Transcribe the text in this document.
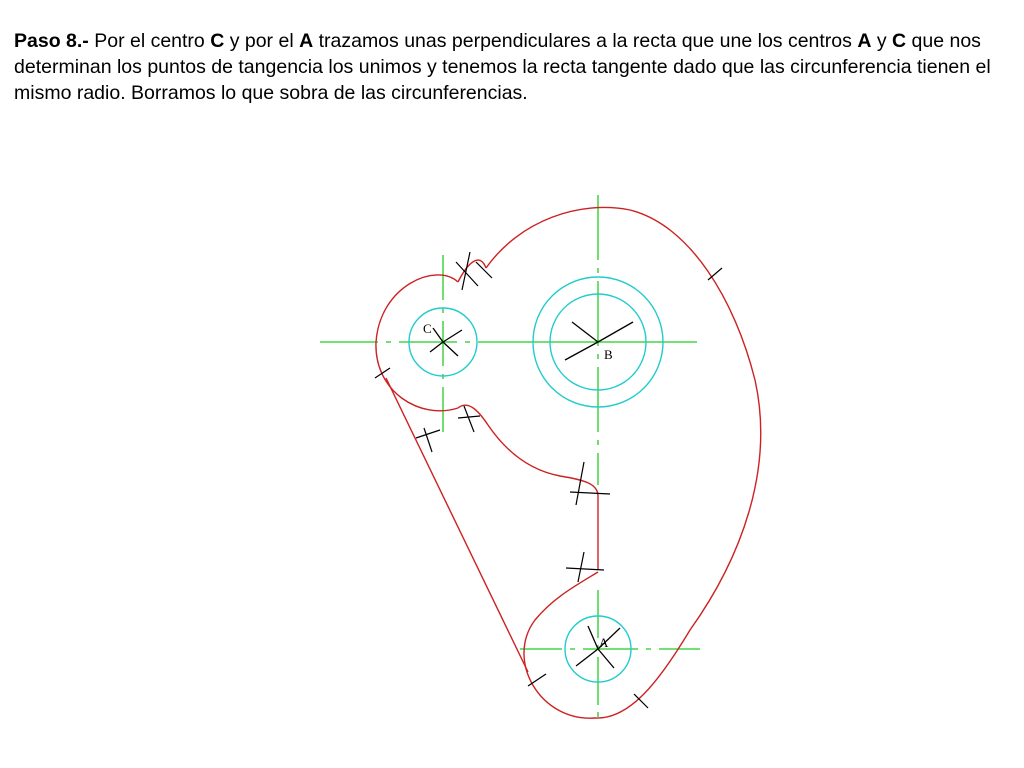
Paso 8.- Por el centro C y por el A trazamos unas perpendiculares a la recta que une los centros A y C que nos determinan los puntos de tangencia los unimos y tenemos la recta tangente dado que las circunferencia tienen el mismo radio. Borramos lo que sobra de las circunferencias.

C
B
A
